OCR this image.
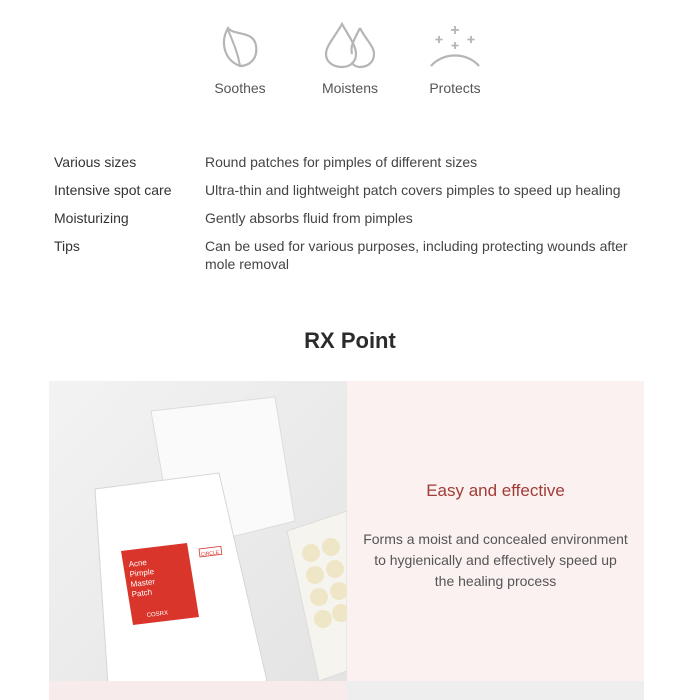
Soothes	Moistens	Protects
Various sizes	Round patches for pimples of different sizes
Intensive spot care	Ultra-thin and lightweight patch covers pimples to speed up healing
Moisturizing	Gently absorbs fluid from pimples
Tips	Can be used for various purposes, including protecting wounds after mole removal
RX Point
Acne
Pimple
Master
Patch
COSRX
CIRCLE
Easy and effective
Forms a moist and concealed environment
to hygienically and effectively speed up
the healing process
